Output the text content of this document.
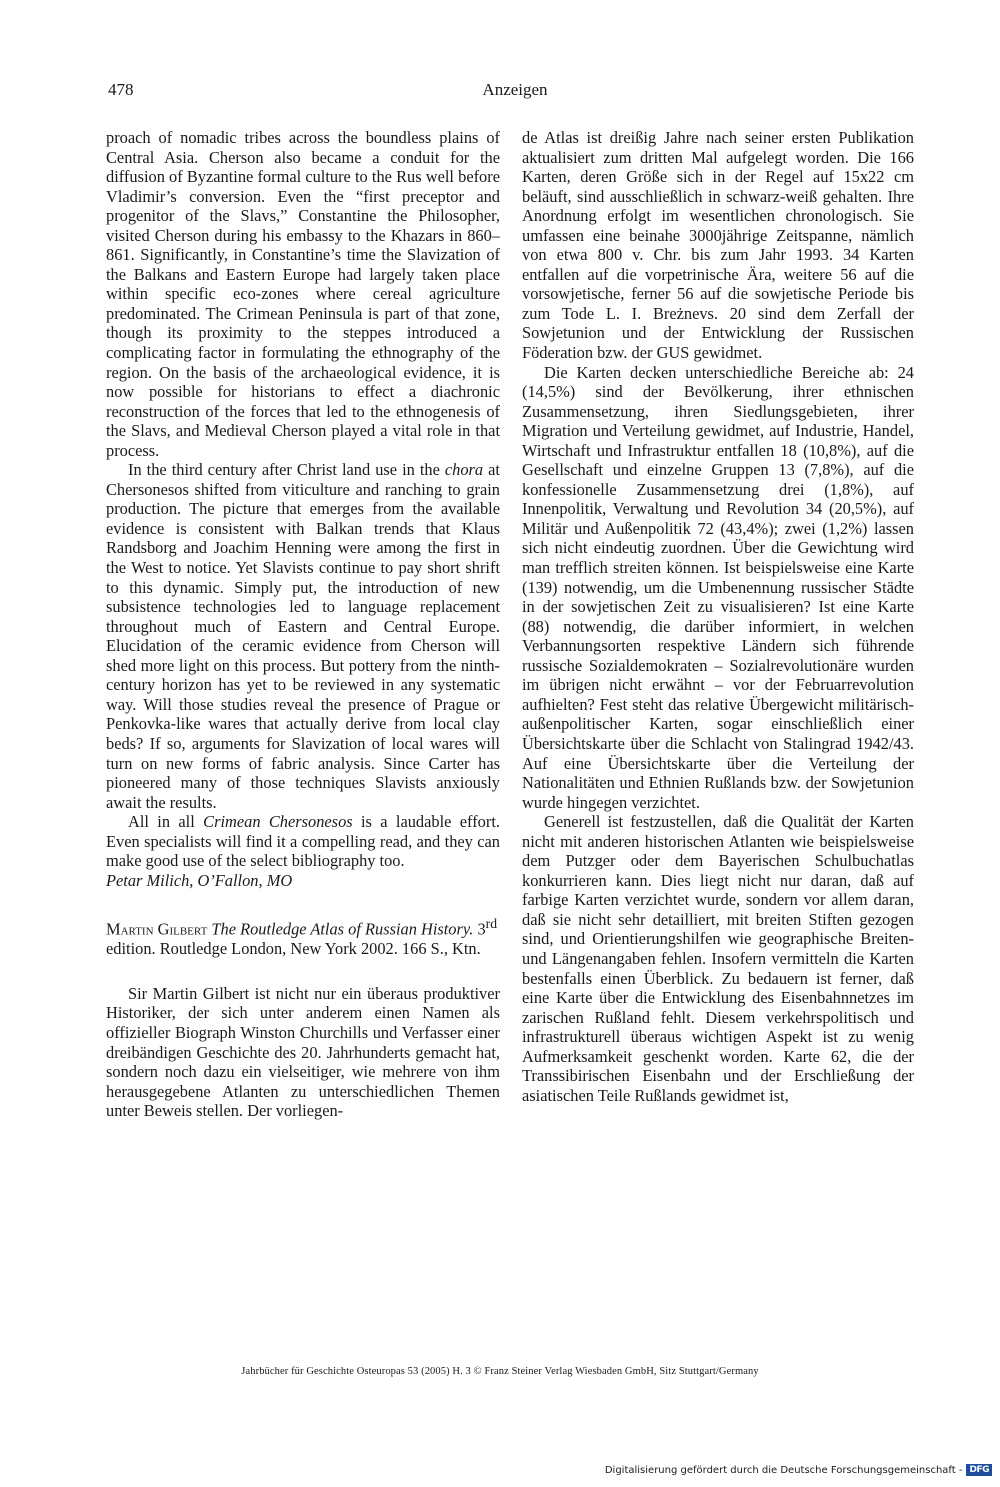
478	Anzeigen

proach of nomadic tribes across the boundless plains of Central Asia. Cherson also became a conduit for the diffusion of Byzantine formal culture to the Rus well before Vladimir’s conversion. Even the “first preceptor and progenitor of the Slavs,” Constantine the Philosopher, visited Cherson during his embassy to the Khazars in 860–861. Significantly, in Constantine’s time the Slavization of the Balkans and Eastern Europe had largely taken place within specific eco-zones where cereal agriculture predominated. The Crimean Peninsula is part of that zone, though its proximity to the steppes introduced a complicating factor in formulating the ethnography of the region. On the basis of the archaeological evidence, it is now possible for historians to effect a diachronic reconstruction of the forces that led to the ethnogenesis of the Slavs, and Medieval Cherson played a vital role in that process.

In the third century after Christ land use in the chora at Chersonesos shifted from viticulture and ranching to grain production. The picture that emerges from the available evidence is consistent with Balkan trends that Klaus Randsborg and Joachim Henning were among the first in the West to notice. Yet Slavists continue to pay short shrift to this dynamic. Simply put, the introduction of new subsistence technologies led to language replacement throughout much of Eastern and Central Europe. Elucidation of the ceramic evidence from Cherson will shed more light on this process. But pottery from the ninth-century horizon has yet to be reviewed in any systematic way. Will those studies reveal the presence of Prague or Penkovka-like wares that actually derive from local clay beds? If so, arguments for Slavization of local wares will turn on new forms of fabric analysis. Since Carter has pioneered many of those techniques Slavists anxiously await the results.

All in all Crimean Chersonesos is a laudable effort. Even specialists will find it a compelling read, and they can make good use of the select bibliography too.

Petar Milich, O’Fallon, MO

Martin Gilbert The Routledge Atlas of Russian History. 3rd edition. Routledge London, New York 2002. 166 S., Ktn.

Sir Martin Gilbert ist nicht nur ein überaus produktiver Historiker, der sich unter anderem einen Namen als offizieller Biograph Winston Churchills und Verfasser einer dreibändigen Geschichte des 20. Jahrhunderts gemacht hat, sondern noch dazu ein vielseitiger, wie mehrere von ihm herausgegebene Atlanten zu unterschiedlichen Themen unter Beweis stellen. Der vorliegen-

de Atlas ist dreißig Jahre nach seiner ersten Publikation aktualisiert zum dritten Mal aufgelegt worden. Die 166 Karten, deren Größe sich in der Regel auf 15x22 cm beläuft, sind ausschließlich in schwarz-weiß gehalten. Ihre Anordnung erfolgt im wesentlichen chronologisch. Sie umfassen eine beinahe 3000jährige Zeitspanne, nämlich von etwa 800 v. Chr. bis zum Jahr 1993. 34 Karten entfallen auf die vorpetrinische Ära, weitere 56 auf die vorsowjetische, ferner 56 auf die sowjetische Periode bis zum Tode L. I. Breżnevs. 20 sind dem Zerfall der Sowjetunion und der Entwicklung der Russischen Föderation bzw. der GUS gewidmet.

Die Karten decken unterschiedliche Bereiche ab: 24 (14,5%) sind der Bevölkerung, ihrer ethnischen Zusammensetzung, ihren Siedlungsgebieten, ihrer Migration und Verteilung gewidmet, auf Industrie, Handel, Wirtschaft und Infrastruktur entfallen 18 (10,8%), auf die Gesellschaft und einzelne Gruppen 13 (7,8%), auf die konfessionelle Zusammensetzung drei (1,8%), auf Innenpolitik, Verwaltung und Revolution 34 (20,5%), auf Militär und Außenpolitik 72 (43,4%); zwei (1,2%) lassen sich nicht eindeutig zuordnen. Über die Gewichtung wird man trefflich streiten können. Ist beispielsweise eine Karte (139) notwendig, um die Umbenennung russischer Städte in der sowjetischen Zeit zu visualisieren? Ist eine Karte (88) notwendig, die darüber informiert, in welchen Verbannungsorten respektive Ländern sich führende russische Sozialdemokraten – Sozialrevolutionäre wurden im übrigen nicht erwähnt – vor der Februarrevolution aufhielten? Fest steht das relative Übergewicht militärisch-außenpolitischer Karten, sogar einschließlich einer Übersichtskarte über die Schlacht von Stalingrad 1942/43. Auf eine Übersichtskarte über die Verteilung der Nationalitäten und Ethnien Rußlands bzw. der Sowjetunion wurde hingegen verzichtet.

Generell ist festzustellen, daß die Qualität der Karten nicht mit anderen historischen Atlanten wie beispielsweise dem Putzger oder dem Bayerischen Schulbuchatlas konkurrieren kann. Dies liegt nicht nur daran, daß auf farbige Karten verzichtet wurde, sondern vor allem daran, daß sie nicht sehr detailliert, mit breiten Stiften gezogen sind, und Orientierungshilfen wie geographische Breiten- und Längenangaben fehlen. Insofern vermitteln die Karten bestenfalls einen Überblick. Zu bedauern ist ferner, daß eine Karte über die Entwicklung des Eisenbahnnetzes im zarischen Rußland fehlt. Diesem verkehrspolitisch und infrastrukturell überaus wichtigen Aspekt ist zu wenig Aufmerksamkeit geschenkt worden. Karte 62, die der Transsibirischen Eisenbahn und der Erschließung der asiatischen Teile Rußlands gewidmet ist,

Jahrbücher für Geschichte Osteuropas 53 (2005) H. 3 © Franz Steiner Verlag Wiesbaden GmbH, Sitz Stuttgart/Germany
Digitalisierung gefördert durch die Deutsche Forschungsgemeinschaft - DFG
